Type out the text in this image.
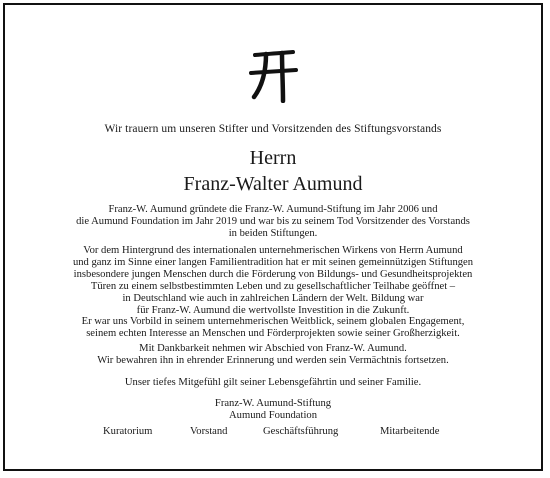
Wir trauern um unseren Stifter und Vorsitzenden des Stiftungsvorstands
Herrn
Franz-Walter Aumund
Franz-W. Aumund gründete die Franz-W. Aumund-Stiftung im Jahr 2006 und
die Aumund Foundation im Jahr 2019 und war bis zu seinem Tod Vorsitzender des Vorstands
in beiden Stiftungen.
Vor dem Hintergrund des internationalen unternehmerischen Wirkens von Herrn Aumund
und ganz im Sinne einer langen Familientradition hat er mit seinen gemeinnützigen Stiftungen
insbesondere jungen Menschen durch die Förderung von Bildungs- und Gesundheitsprojekten
Türen zu einem selbstbestimmten Leben und zu gesellschaftlicher Teilhabe geöffnet –
in Deutschland wie auch in zahlreichen Ländern der Welt. Bildung war
für Franz-W. Aumund die wertvollste Investition in die Zukunft.
Er war uns Vorbild in seinem unternehmerischen Weitblick, seinem globalen Engagement,
seinem echten Interesse an Menschen und Förderprojekten sowie seiner Großherzigkeit.
Mit Dankbarkeit nehmen wir Abschied von Franz-W. Aumund.
Wir bewahren ihn in ehrender Erinnerung und werden sein Vermächtnis fortsetzen.
Unser tiefes Mitgefühl gilt seiner Lebensgefährtin und seiner Familie.
Franz-W. Aumund-Stiftung
Aumund Foundation
Kuratorium	Vorstand	Geschäftsführung	Mitarbeitende
